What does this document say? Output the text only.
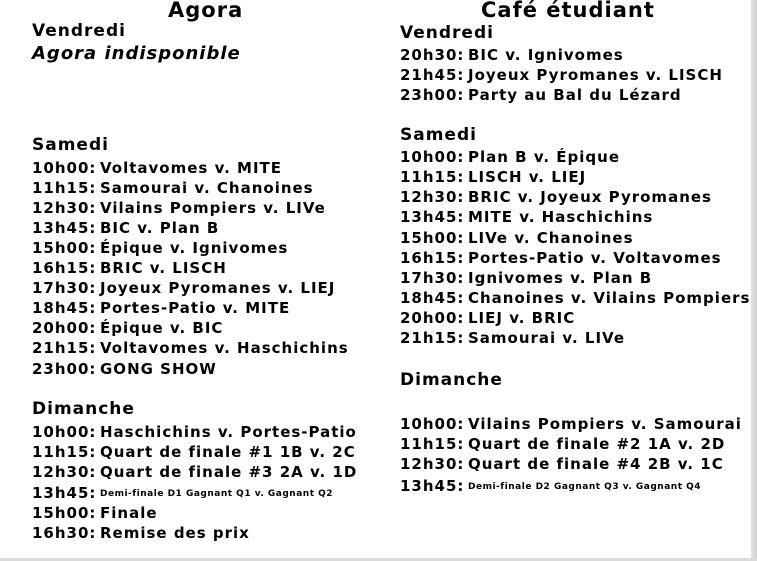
Agora
Vendredi
Agora indisponible
Samedi
10h00: Voltavomes v. MITE
11h15: Samourai v. Chanoines
12h30: Vilains Pompiers v. LIVe
13h45: BIC v. Plan B
15h00: Épique v. Ignivomes
16h15: BRIC v. LISCH
17h30: Joyeux Pyromanes v. LIEJ
18h45: Portes-Patio v. MITE
20h00: Épique v. BIC
21h15: Voltavomes v. Haschichins
23h00: GONG SHOW
Dimanche
10h00: Haschichins v. Portes-Patio
11h15: Quart de finale #1 1B v. 2C
12h30: Quart de finale #3 2A v. 1D
13h45: Demi-finale D1 Gagnant Q1 v. Gagnant Q2
15h00: Finale
16h30: Remise des prix
Café étudiant
Vendredi
20h30: BIC v. Ignivomes
21h45: Joyeux Pyromanes v. LISCH
23h00: Party au Bal du Lézard
Samedi
10h00: Plan B v. Épique
11h15: LISCH v. LIEJ
12h30: BRIC v. Joyeux Pyromanes
13h45: MITE v. Haschichins
15h00: LIVe v. Chanoines
16h15: Portes-Patio v. Voltavomes
17h30: Ignivomes v. Plan B
18h45: Chanoines v. Vilains Pompiers
20h00: LIEJ v. BRIC
21h15: Samourai v. LIVe
Dimanche
10h00: Vilains Pompiers v. Samourai
11h15: Quart de finale #2 1A v. 2D
12h30: Quart de finale #4 2B v. 1C
13h45: Demi-finale D2 Gagnant Q3 v. Gagnant Q4
